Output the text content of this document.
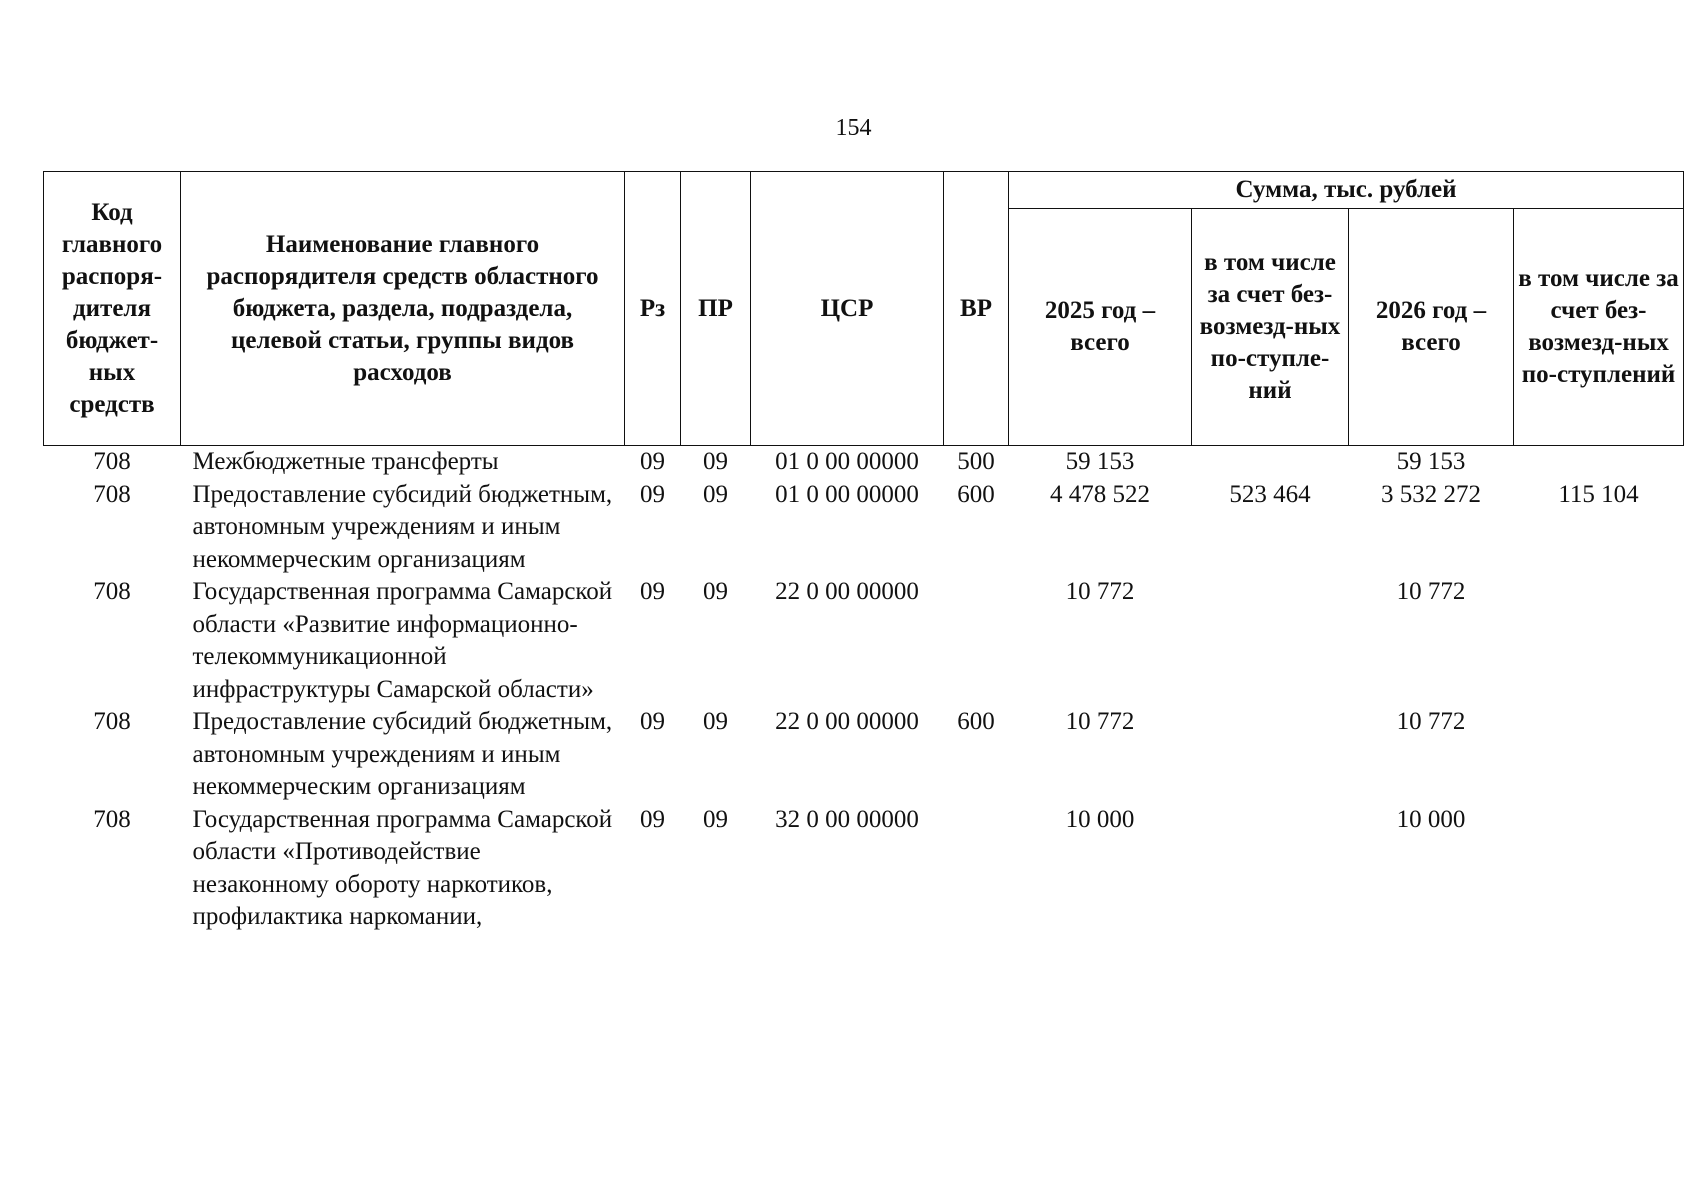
154
Код главного распоря-дителя бюджет-ных средств	Наименование главного распорядителя средств областного бюджета, раздела, подраздела, целевой статьи, группы видов расходов	Рз	ПР	ЦСР	ВР	Сумма, тыс. рублей			
						2025 год – всего	в том числе за счет без-возмезд-ных по-ступле-ний	2026 год – всего	в том числе за счет без-возмезд-ных по-ступлений
708	Межбюджетные трансферты	09	09	01 0 00 00000	500	59 153		59 153	
708	Предоставление субсидий бюджетным, автономным учреждениям и иным некоммерческим организациям	09	09	01 0 00 00000	600	4 478 522	523 464	3 532 272	115 104
708	Государственная программа Самарской области «Развитие информационно-телекоммуникационной инфраструктуры Самарской области»	09	09	22 0 00 00000		10 772		10 772	
708	Предоставление субсидий бюджетным, автономным учреждениям и иным некоммерческим организациям	09	09	22 0 00 00000	600	10 772		10 772	
708	Государственная программа Самарской области «Противодействие незаконному обороту наркотиков, профилактика наркомании,	09	09	32 0 00 00000		10 000		10 000	
